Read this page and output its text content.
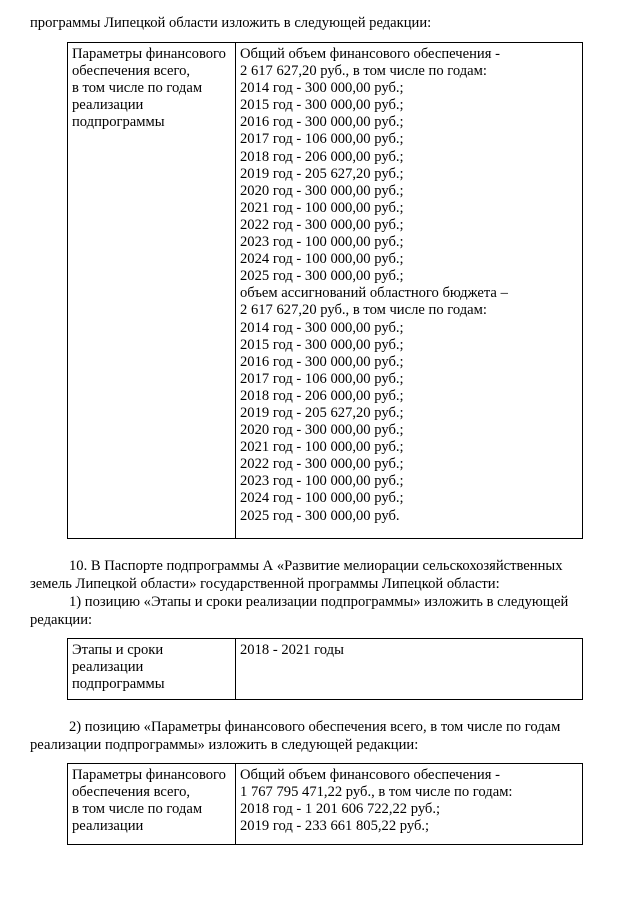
программы Липецкой области изложить в следующей редакции:
Параметры финансового
обеспечения всего,
в том числе по годам
реализации
подпрограммы

Общий объем финансового обеспечения -
2 617 627,20 руб., в том числе по годам:
2014 год - 300 000,00 руб.;
2015 год - 300 000,00 руб.;
2016 год - 300 000,00 руб.;
2017 год - 106 000,00 руб.;
2018 год - 206 000,00 руб.;
2019 год - 205 627,20 руб.;
2020 год - 300 000,00 руб.;
2021 год - 100 000,00 руб.;
2022 год - 300 000,00 руб.;
2023 год - 100 000,00 руб.;
2024 год - 100 000,00 руб.;
2025 год - 300 000,00 руб.;
объем ассигнований областного бюджета –
2 617 627,20 руб., в том числе по годам:
2014 год - 300 000,00 руб.;
2015 год - 300 000,00 руб.;
2016 год - 300 000,00 руб.;
2017 год - 106 000,00 руб.;
2018 год - 206 000,00 руб.;
2019 год - 205 627,20 руб.;
2020 год - 300 000,00 руб.;
2021 год - 100 000,00 руб.;
2022 год - 300 000,00 руб.;
2023 год - 100 000,00 руб.;
2024 год - 100 000,00 руб.;
2025 год - 300 000,00 руб.
10. В Паспорте подпрограммы А «Развитие мелиорации сельскохозяйственных
земель Липецкой области» государственной программы Липецкой области:
1) позицию «Этапы и сроки реализации подпрограммы» изложить в следующей
редакции:
Этапы и сроки
реализации
подпрограммы

2018 - 2021 годы
2) позицию «Параметры финансового обеспечения всего, в том числе по годам
реализации подпрограммы» изложить в следующей редакции:
Параметры финансового
обеспечения всего,
в том числе по годам
реализации

Общий объем финансового обеспечения -
1 767 795 471,22 руб., в том числе по годам:
2018 год - 1 201 606 722,22 руб.;
2019 год - 233 661 805,22 руб.;
